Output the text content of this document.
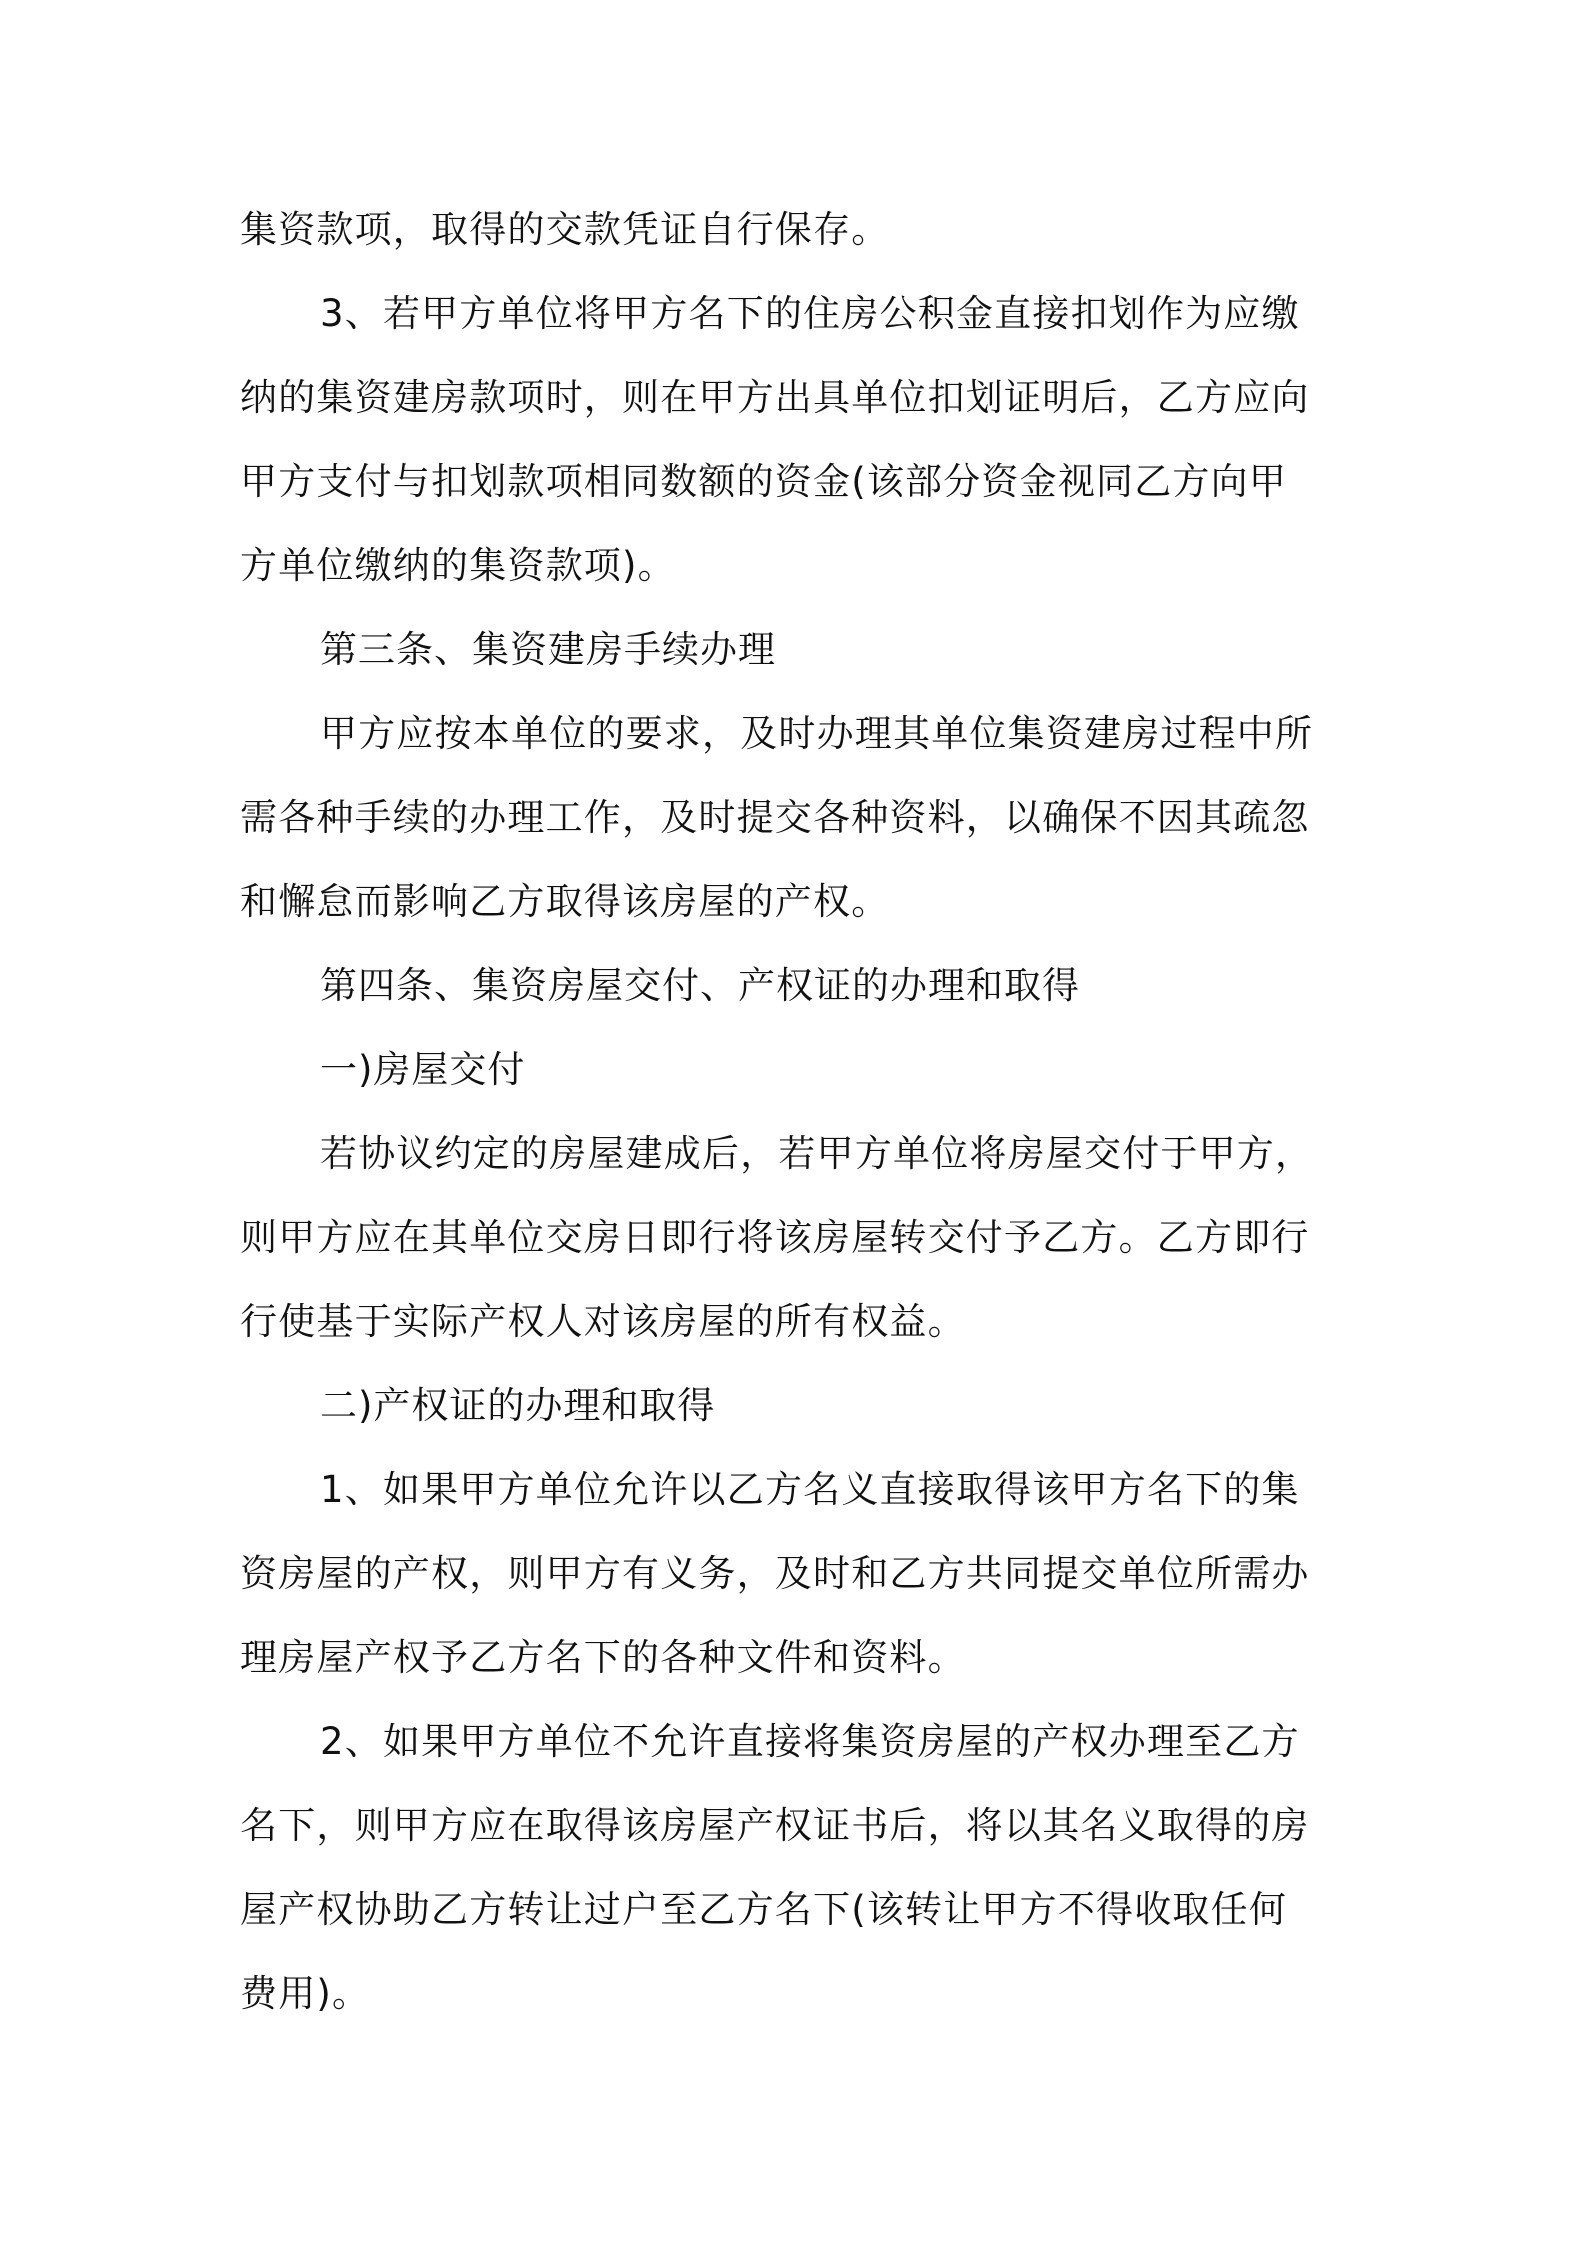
集资款项，取得的交款凭证自行保存。
3、若甲方单位将甲方名下的住房公积金直接扣划作为应缴
纳的集资建房款项时，则在甲方出具单位扣划证明后，乙方应向
甲方支付与扣划款项相同数额的资金(该部分资金视同乙方向甲
方单位缴纳的集资款项)。
第三条、集资建房手续办理
甲方应按本单位的要求，及时办理其单位集资建房过程中所
需各种手续的办理工作，及时提交各种资料，以确保不因其疏忽
和懈怠而影响乙方取得该房屋的产权。
第四条、集资房屋交付、产权证的办理和取得
一)房屋交付
若协议约定的房屋建成后，若甲方单位将房屋交付于甲方，
则甲方应在其单位交房日即行将该房屋转交付予乙方。乙方即行
行使基于实际产权人对该房屋的所有权益。
二)产权证的办理和取得
1、如果甲方单位允许以乙方名义直接取得该甲方名下的集
资房屋的产权，则甲方有义务，及时和乙方共同提交单位所需办
理房屋产权予乙方名下的各种文件和资料。
2、如果甲方单位不允许直接将集资房屋的产权办理至乙方
名下，则甲方应在取得该房屋产权证书后，将以其名义取得的房
屋产权协助乙方转让过户至乙方名下(该转让甲方不得收取任何
费用)。
